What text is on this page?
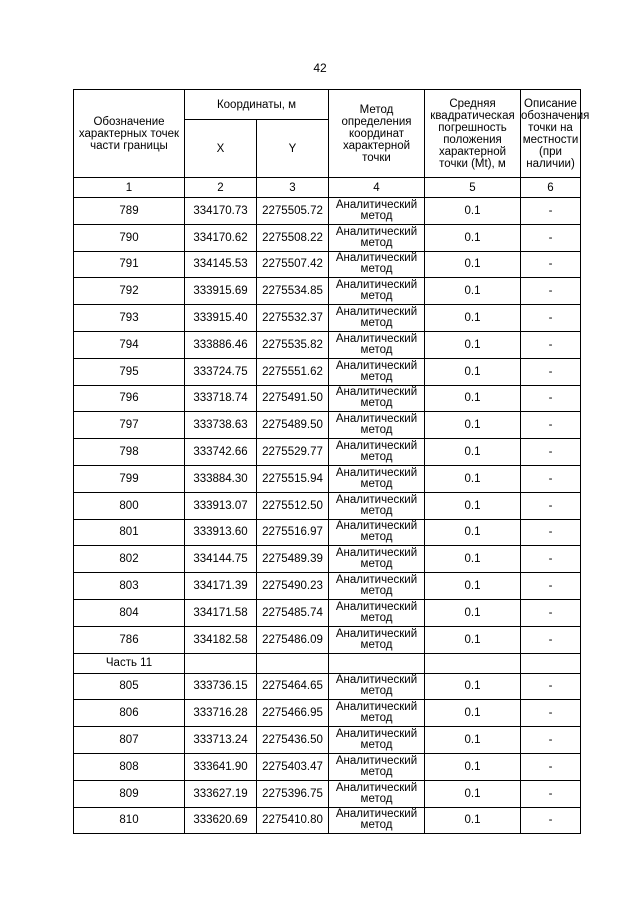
42
Обозначение характерных точек части границы	Координаты, м		Метод определения координат характерной точки	Средняя квадратическая погрешность положения характерной точки (Mt), м	Описание обозначения точки на местности (при наличии)
	X	Y			
1	2	3	4	5	6
789	334170.73	2275505.72	Аналитический метод	0.1	-
790	334170.62	2275508.22	Аналитический метод	0.1	-
791	334145.53	2275507.42	Аналитический метод	0.1	-
792	333915.69	2275534.85	Аналитический метод	0.1	-
793	333915.40	2275532.37	Аналитический метод	0.1	-
794	333886.46	2275535.82	Аналитический метод	0.1	-
795	333724.75	2275551.62	Аналитический метод	0.1	-
796	333718.74	2275491.50	Аналитический метод	0.1	-
797	333738.63	2275489.50	Аналитический метод	0.1	-
798	333742.66	2275529.77	Аналитический метод	0.1	-
799	333884.30	2275515.94	Аналитический метод	0.1	-
800	333913.07	2275512.50	Аналитический метод	0.1	-
801	333913.60	2275516.97	Аналитический метод	0.1	-
802	334144.75	2275489.39	Аналитический метод	0.1	-
803	334171.39	2275490.23	Аналитический метод	0.1	-
804	334171.58	2275485.74	Аналитический метод	0.1	-
786	334182.58	2275486.09	Аналитический метод	0.1	-
Часть 11					
805	333736.15	2275464.65	Аналитический метод	0.1	-
806	333716.28	2275466.95	Аналитический метод	0.1	-
807	333713.24	2275436.50	Аналитический метод	0.1	-
808	333641.90	2275403.47	Аналитический метод	0.1	-
809	333627.19	2275396.75	Аналитический метод	0.1	-
810	333620.69	2275410.80	Аналитический метод	0.1	-
